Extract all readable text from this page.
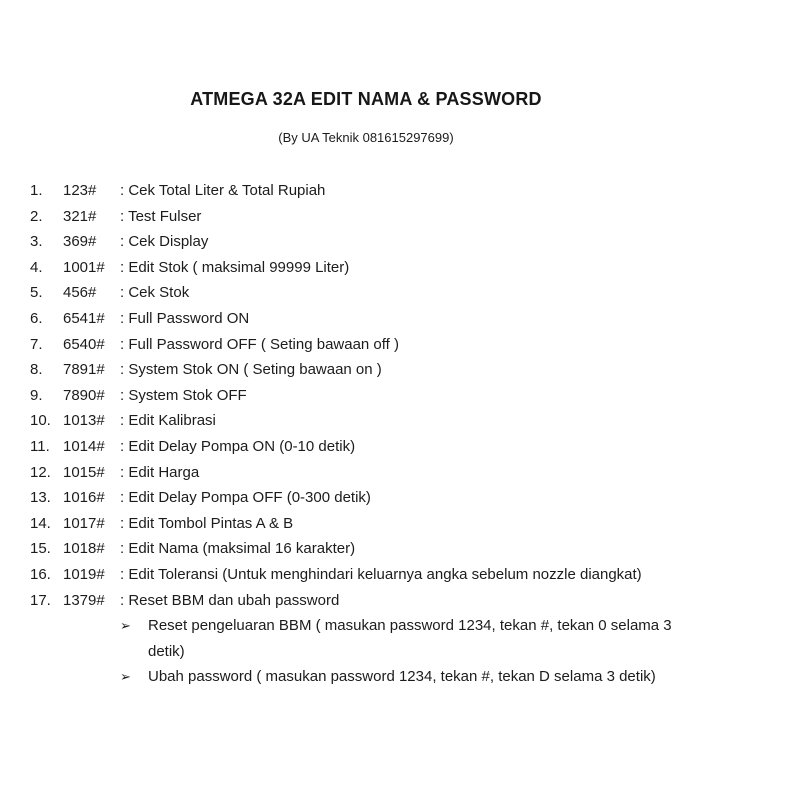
ATMEGA 32A EDIT NAMA & PASSWORD
(By UA Teknik 081615297699)
1.	123#	: Cek Total Liter & Total Rupiah
2.	321#	: Test Fulser
3.	369#	: Cek Display
4.	1001#	: Edit Stok ( maksimal 99999 Liter)
5.	456#	: Cek Stok
6.	6541#	: Full Password ON
7.	6540#	: Full Password OFF ( Seting bawaan off )
8.	7891#	: System Stok ON ( Seting bawaan on )
9.	7890#	: System Stok OFF
10. 1013#	: Edit Kalibrasi
11. 1014#	: Edit Delay Pompa ON (0-10 detik)
12. 1015#	: Edit Harga
13. 1016#	: Edit Delay Pompa OFF (0-300 detik)
14. 1017#	: Edit Tombol Pintas A & B
15. 1018#	: Edit Nama (maksimal 16 karakter)
16. 1019#	: Edit Toleransi (Untuk menghindari keluarnya angka sebelum nozzle diangkat)
17. 1379#	: Reset BBM dan ubah password
➢	Reset pengeluaran BBM ( masukan password 1234, tekan #, tekan 0 selama 3 detik)
➢	Ubah password ( masukan password 1234, tekan #, tekan D selama 3 detik)
